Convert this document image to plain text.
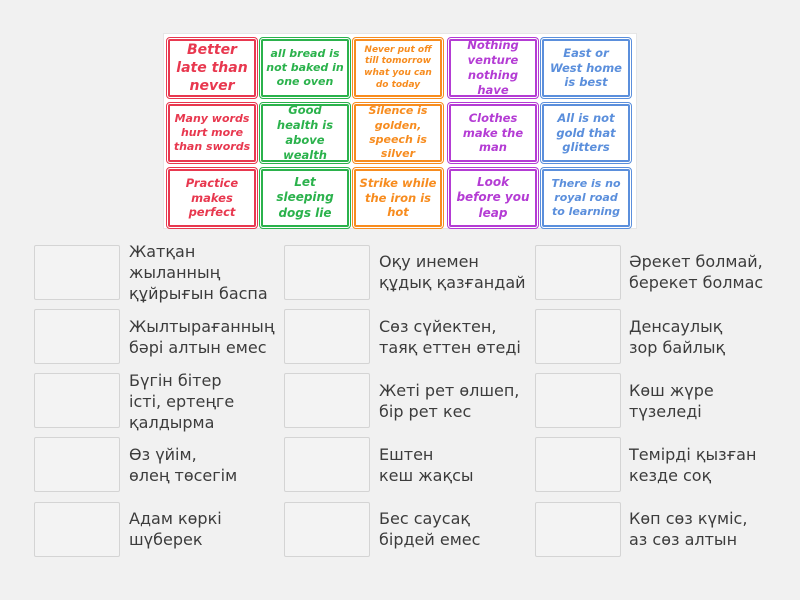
Better late than never
all bread is not baked in one oven
Never put off till tomorrow what you can do today
Nothing venture nothing have
East or West home is best
Many words hurt more than swords
Good health is above wealth
Silence is golden, speech is silver
Clothes make the man
All is not gold that glitters
Practice makes perfect
Let sleeping dogs lie
Strike while the iron is hot
Look before you leap
There is no royal road to learning
Жатқан
жыланның
құйрығын баспа
Жылтырағанның
бәрі алтын емес
Бүгін бітер
істі, ертеңге
қалдырма
Өз үйім,
өлең төсегім
Адам көркі
шүберек
Оқу инемен
құдық қазғандай
Сөз сүйектен,
таяқ еттен өтеді
Жеті рет өлшеп,
бір рет кес
Ештен
кеш жақсы
Бес саусақ
бірдей емес
Әрекет болмай,
берекет болмас
Денсаулық
зор байлық
Көш жүре
түзеледі
Темірді қызған
кезде соқ
Көп сөз күміс,
аз сөз алтын
